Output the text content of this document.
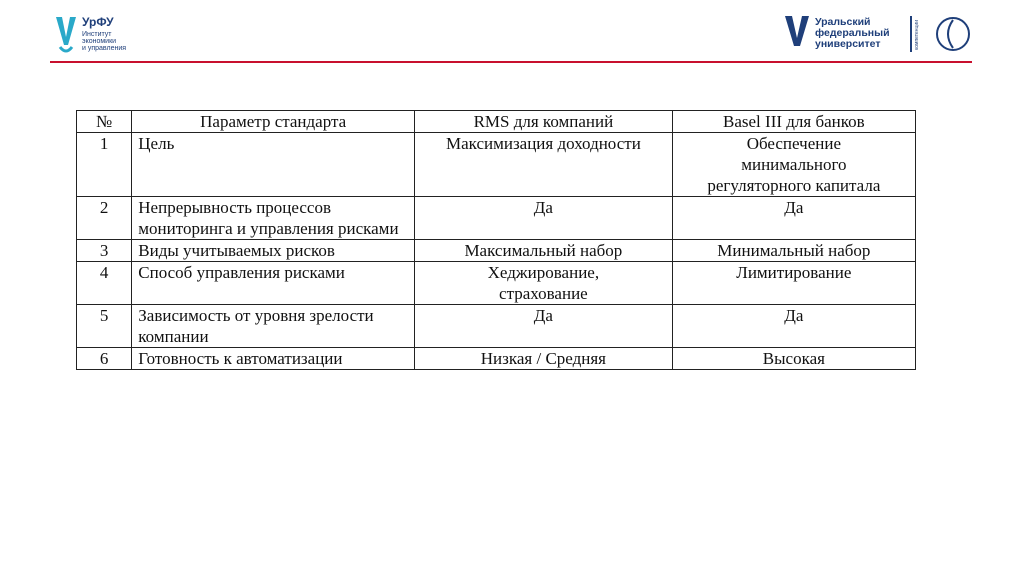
УрФУ
Институт
экономики
и управления
Уральский
федеральный
университет	компетенции
№	Параметр стандарта	RMS для компаний	Basel III для банков
1	Цель	Максимизация доходности	Обеспечение минимального регуляторного капитала
2	Непрерывность процессов мониторинга и управления рисками	Да	Да
3	Виды учитываемых рисков	Максимальный набор	Минимальный набор
4	Способ управления рисками	Хеджирование, страхование	Лимитирование
5	Зависимость от уровня зрелости компании	Да	Да
6	Готовность к автоматизации	Низкая / Средняя	Высокая
